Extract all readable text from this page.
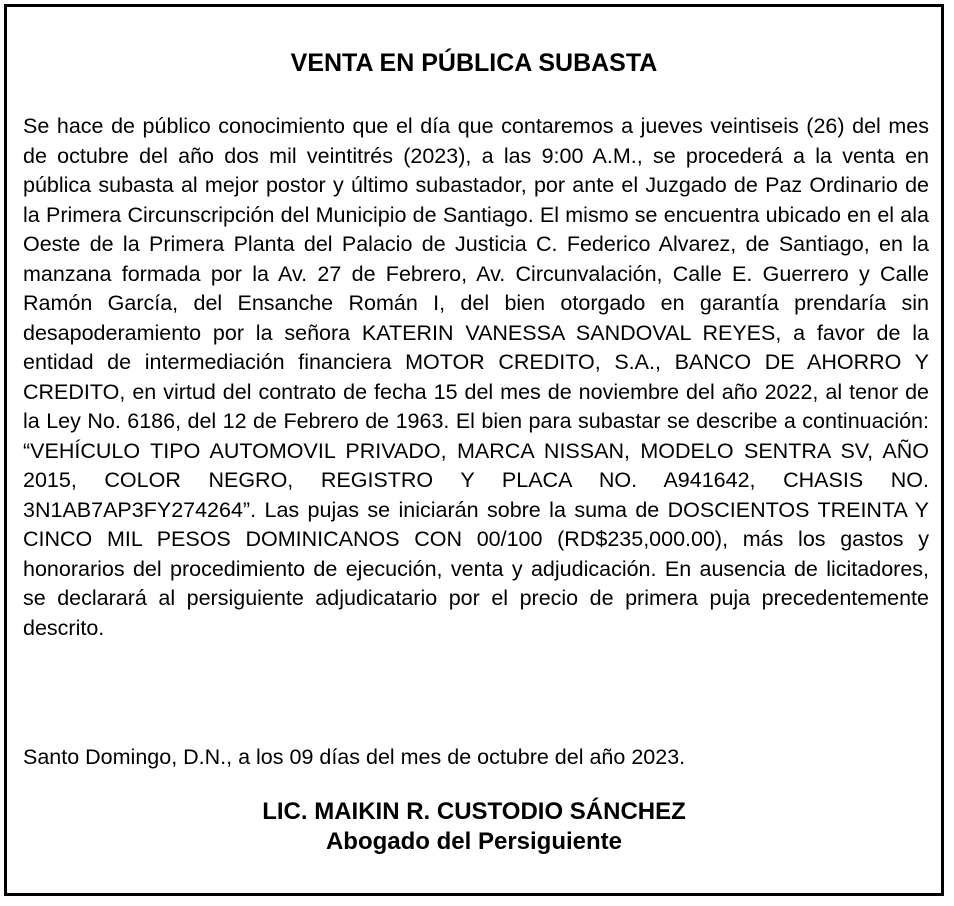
VENTA EN PÚBLICA SUBASTA

Se hace de público conocimiento que el día que contaremos a jueves veintiseis (26) del mes de octubre del año dos mil veintitrés (2023), a las 9:00 A.M., se procederá a la venta en pública subasta al mejor postor y último subastador, por ante el Juzgado de Paz Ordinario de la Primera Circunscripción del Municipio de Santiago. El mismo se encuentra ubicado en el ala Oeste de la Primera Planta del Palacio de Justicia C. Federico Alvarez, de Santiago, en la manzana formada por la Av. 27 de Febrero, Av. Circunvalación, Calle E. Guerrero y Calle Ramón García, del Ensanche Román I, del bien otorgado en garantía prendaría sin desapoderamiento por la señora KATERIN VANESSA SANDOVAL REYES, a favor de la entidad de intermediación financiera MOTOR CREDITO, S.A., BANCO DE AHORRO Y CREDITO, en virtud del contrato de fecha 15 del mes de noviembre del año 2022, al tenor de la Ley No. 6186, del 12 de Febrero de 1963. El bien para subastar se describe a continuación: “VEHÍCULO TIPO AUTOMOVIL PRIVADO, MARCA NISSAN, MODELO SENTRA SV, AÑO 2015, COLOR NEGRO, REGISTRO Y PLACA NO. A941642, CHASIS NO. 3N1AB7AP3FY274264”. Las pujas se iniciarán sobre la suma de DOSCIENTOS TREINTA Y CINCO MIL PESOS DOMINICANOS CON 00/100 (RD$235,000.00), más los gastos y honorarios del procedimiento de ejecución, venta y adjudicación. En ausencia de licitadores, se declarará al persiguiente adjudicatario por el precio de primera puja precedentemente descrito.

Santo Domingo, D.N., a los 09 días del mes de octubre del año 2023.

LIC. MAIKIN R. CUSTODIO SÁNCHEZ

Abogado del Persiguiente
